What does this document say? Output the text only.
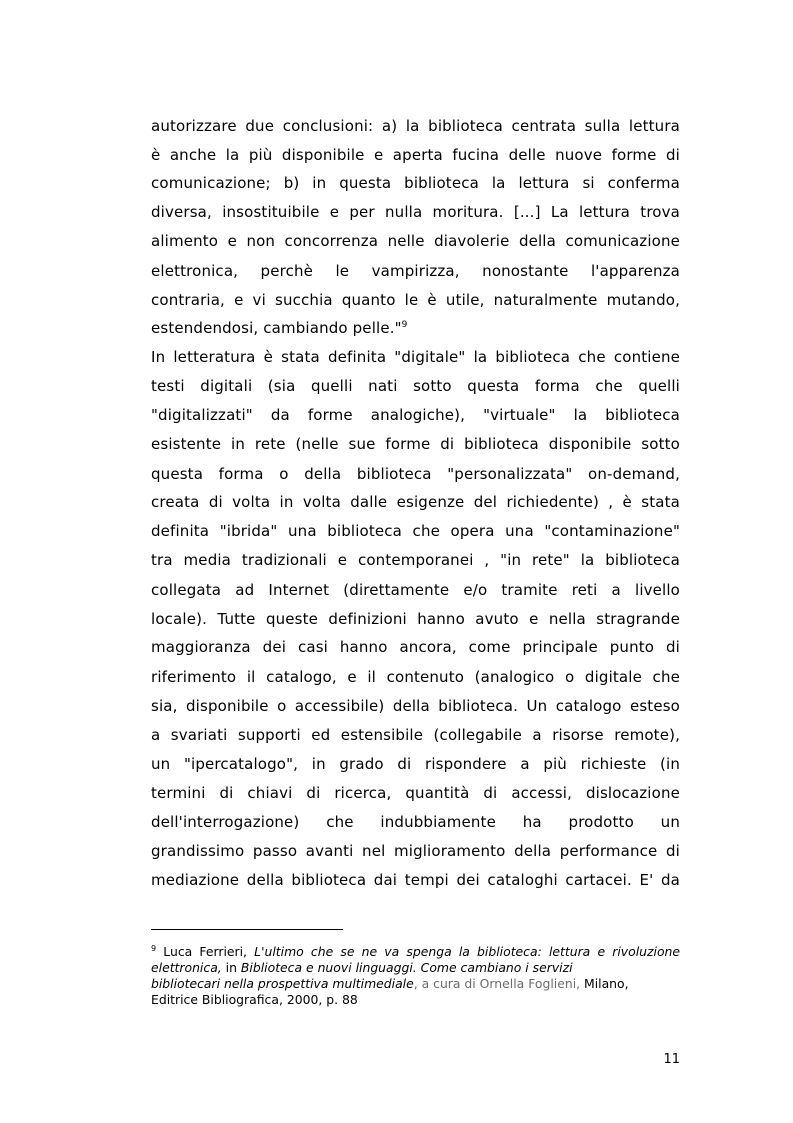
autorizzare due conclusioni: a) la biblioteca centrata sulla lettura
è anche la più disponibile e aperta fucina delle nuove forme di
comunicazione; b) in questa biblioteca la lettura si conferma
diversa, insostituibile e per nulla moritura. [...] La lettura trova
alimento e non concorrenza nelle diavolerie della comunicazione
elettronica, perchè le vampirizza, nonostante l'apparenza
contraria, e vi succhia quanto le è utile, naturalmente mutando,
estendendosi, cambiando pelle."$^9$
In letteratura è stata definita "digitale" la biblioteca che contiene
testi digitali (sia quelli nati sotto questa forma che quelli
"digitalizzati" da forme analogiche), "virtuale" la biblioteca
esistente in rete (nelle sue forme di biblioteca disponibile sotto
questa forma o della biblioteca "personalizzata" on-demand,
creata di volta in volta dalle esigenze del richiedente) , è stata
definita "ibrida" una biblioteca che opera una "contaminazione"
tra media tradizionali e contemporanei , "in rete" la biblioteca
collegata ad Internet (direttamente e/o tramite reti a livello
locale). Tutte queste definizioni hanno avuto e nella stragrande
maggioranza dei casi hanno ancora, come principale punto di
riferimento il catalogo, e il contenuto (analogico o digitale che
sia, disponibile o accessibile) della biblioteca. Un catalogo esteso
a svariati supporti ed estensibile (collegabile a risorse remote),
un "ipercatalogo", in grado di rispondere a più richieste (in
termini di chiavi di ricerca, quantità di accessi, dislocazione
dell'interrogazione) che indubbiamente ha prodotto un
grandissimo passo avanti nel miglioramento della performance di
mediazione della biblioteca dai tempi dei cataloghi cartacei. E' da
$^9$ Luca Ferrieri, L'ultimo che se ne va spenga la biblioteca: lettura e rivoluzione
elettronica, in Biblioteca e nuovi linguaggi. Come cambiano i servizi
bibliotecari nella prospettiva multimediale, a cura di Ornella Foglieni, Milano,
Editrice Bibliografica, 2000, p. 88
11
